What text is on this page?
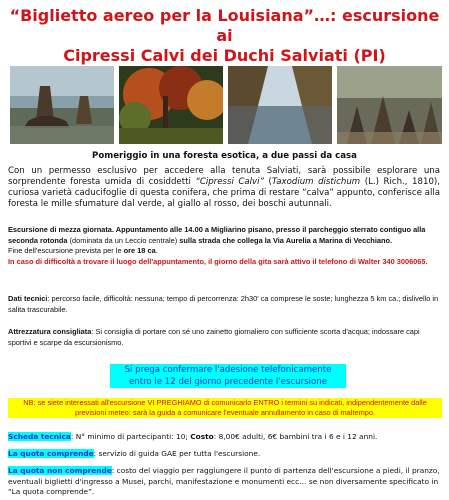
“Biglietto aereo per la Louisiana”…: escursione ai
Cipressi Calvi dei Duchi Salviati (PI)
Pomeriggio in una foresta esotica, a due passi da casa
Con un permesso esclusivo per accedere alla tenuta Salviati, sarà possibile esplorare una sorprendente foresta umida di cosiddetti “Cipressi Calvi” (Taxodium distichum (L.) Rich., 1810), curiosa varietà caducifoglie di questa conifera, che prima di restare “calva” appunto, conferisce alla foresta le mille sfumature dal verde, al giallo al rosso, dei boschi autunnali.
Escursione di mezza giornata. Appuntamento alle 14.00 a Migliarino pisano, presso il parcheggio sterrato contiguo alla seconda rotonda (dominata da un Leccio centrale) sulla strada che collega la Via Aurelia a Marina di Vecchiano.
Fine dell'escursione prevista per le ore 18 ca.
In caso di difficoltà a trovare il luogo dell'appuntamento, il giorno della gita sarà attivo il telefono di Walter 340 3006065.
Dati tecnici: percorso facile, difficoltà: nessuna; tempo di percorrenza: 2h30' ca comprese le soste; lunghezza 5 km ca.; dislivello in salita trascurabile.
Attrezzatura consigliata: Si consiglia di portare con sé uno zainetto giornaliero con sufficiente scorta d'acqua; indossare capi sportivi e scarpe da escursionismo.
Si prega confermare l'adesione telefonicamente
entro le 12 del giorno precedente l'escursione
NB: se siete interessati all'escursione VI PREGHIAMO di comunicarlo ENTRO i termini su indicati, indipendentemente dalle previsioni meteo: sarà la guida a comunicare l'eventuale annullamento in caso di maltempo.
Scheda tecnica: N° minimo di partecipanti: 10; Costo: 8,00€ adulti, 6€ bambini tra i 6 e i 12 anni.
La quota comprende: servizio di guida GAE per tutta l'escursione.
La quota non comprende: costo del viaggio per raggiungere il punto di partenza dell'escursione a piedi, il pranzo, eventuali biglietti d'ingresso a Musei, parchi, manifestazione e monumenti ecc… se non diversamente specificato in “La quota comprende”.
